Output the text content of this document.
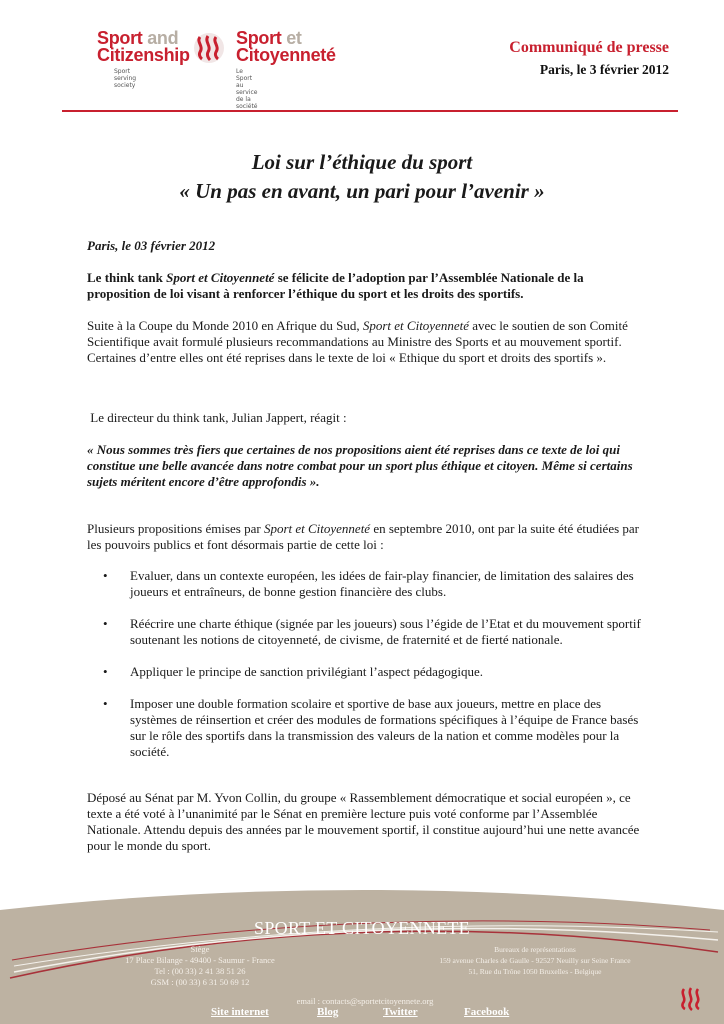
Sport and
Citizenship
Sport serving society
Sport et
Citoyenneté
Le Sport au service de la société
Communiqué de presse
Paris, le 3 février 2012
Loi sur l’éthique du sport
« Un pas en avant, un pari pour l’avenir »

Paris, le 03 février 2012

Le think tank Sport et Citoyenneté se félicite de l’adoption par l’Assemblée Nationale de la proposition de loi visant à renforcer l’éthique du sport et les droits des sportifs.

Suite à la Coupe du Monde 2010 en Afrique du Sud, Sport et Citoyenneté avec le soutien de son Comité Scientifique avait formulé plusieurs recommandations au Ministre des Sports et au mouvement sportif. Certaines d’entre elles ont été reprises dans le texte de loi « Ethique du sport et droits des sportifs ».

Le directeur du think tank, Julian Jappert, réagit :

« Nous sommes très fiers que certaines de nos propositions aient été reprises dans ce texte de loi qui constitue une belle avancée dans notre combat pour un sport plus éthique et citoyen. Même si certains sujets méritent encore d’être approfondis ».

Plusieurs propositions émises par Sport et Citoyenneté en septembre 2010, ont par la suite été étudiées par les pouvoirs publics et font désormais partie de cette loi :

• Evaluer, dans un contexte européen, les idées de fair-play financier, de limitation des salaires des joueurs et entraîneurs, de bonne gestion financière des clubs.
• Réécrire une charte éthique (signée par les joueurs) sous l’égide de l’Etat et du mouvement sportif soutenant les notions de citoyenneté, de civisme, de fraternité et de fierté nationale.
• Appliquer le principe de sanction privilégiant l’aspect pédagogique.
• Imposer une double formation scolaire et sportive de base aux joueurs, mettre en place des systèmes de réinsertion et créer des modules de formations spécifiques à l’équipe de France basés sur le rôle des sportifs dans la transmission des valeurs de la nation et comme modèles pour la société.

Déposé au Sénat par M. Yvon Collin, du groupe « Rassemblement démocratique et social européen », ce texte a été voté à l’unanimité par le Sénat en première lecture puis voté conforme par l’Assemblée Nationale. Attendu depuis des années par le mouvement sportif, il constitue aujourd’hui une nette avancée pour le monde du sport.

SPORT ET CITOYENNETE
Siège
17 Place Bilange - 49400 - Saumur - France
Tel : (00 33) 2 41 38 51 26
GSM : (00 33) 6 31 50 69 12
Bureaux de représentations
159 avenue Charles de Gaulle - 92527 Neuilly sur Seine France
51, Rue du Trône 1050 Bruxelles - Belgique
email : contacts@sportetcitoyennete.org
Site internet	Blog	Twitter	Facebook
